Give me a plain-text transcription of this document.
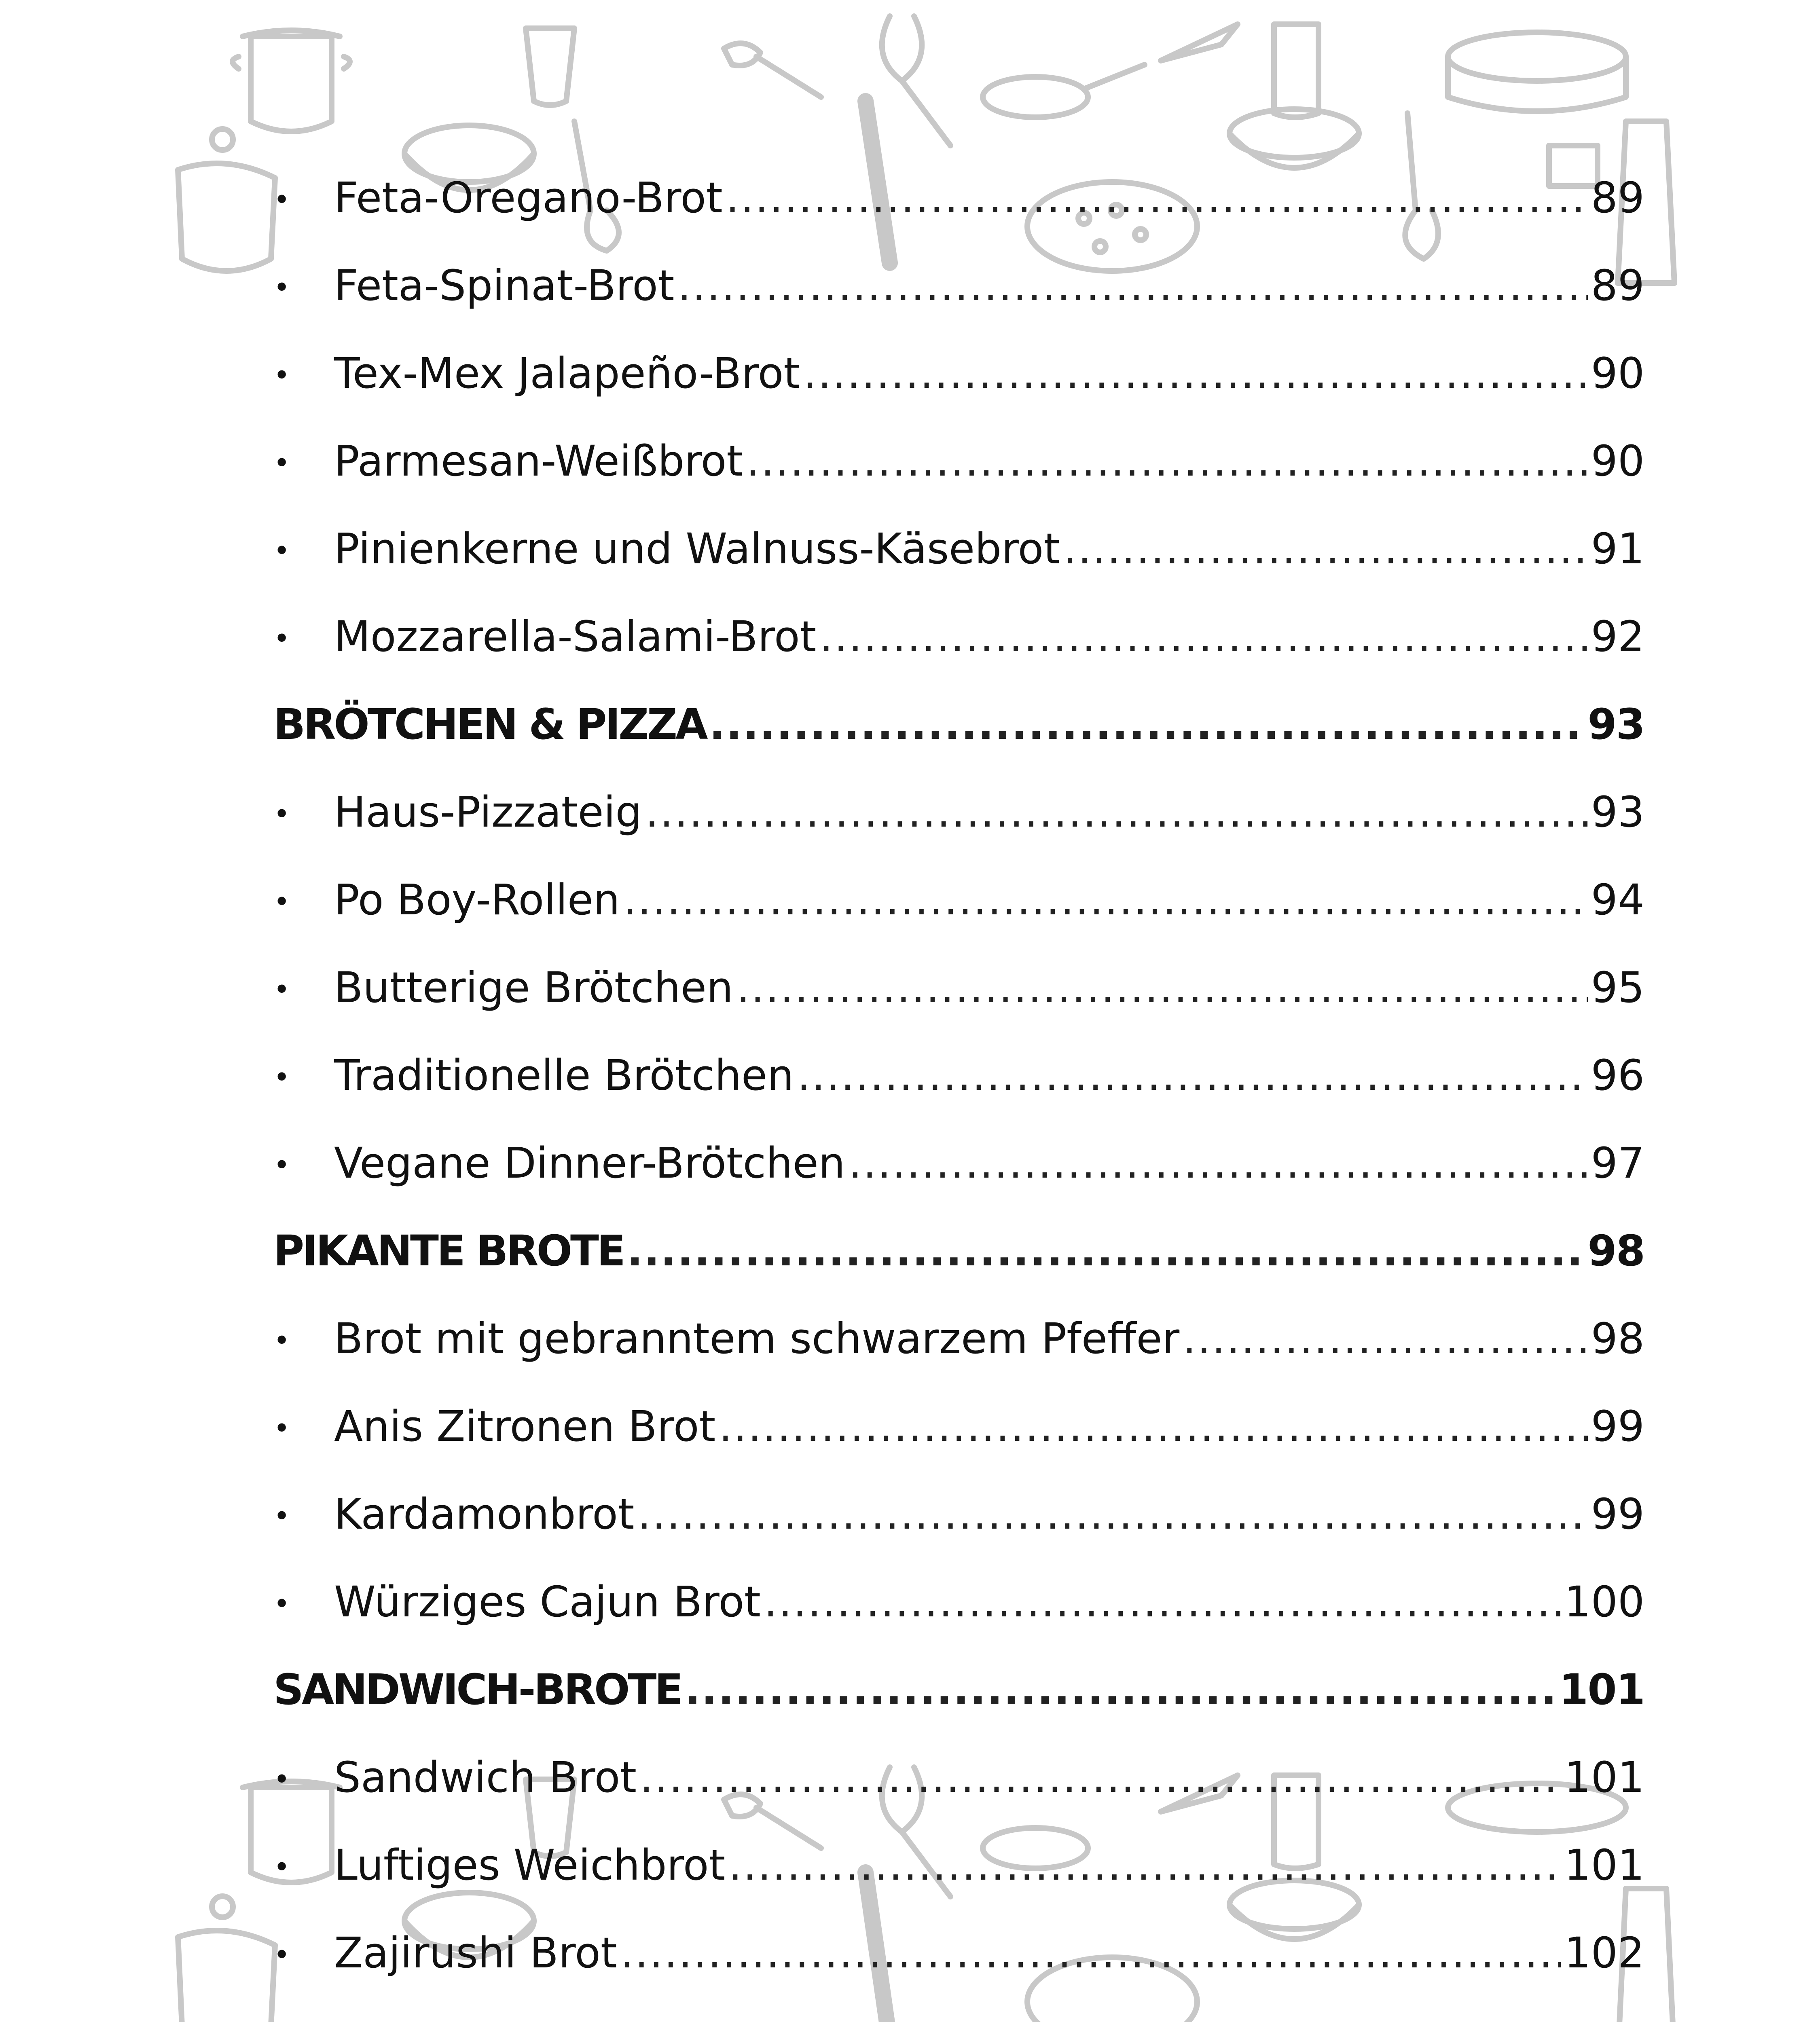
•	Feta-Oregano-Brot .....	89
•	Feta-Spinat-Brot .....	89
•	Tex-Mex Jalapeño-Brot .....	90
•	Parmesan-Weißbrot .....	90
•	Pinienkerne und Walnuss-Käsebrot .....	91
•	Mozzarella-Salami-Brot .....	92
BRÖTCHEN & PIZZA .....	93
•	Haus-Pizzateig .....	93
•	Po Boy-Rollen .....	94
•	Butterige Brötchen .....	95
•	Traditionelle Brötchen .....	96
•	Vegane Dinner-Brötchen .....	97
PIKANTE BROTE .....	98
•	Brot mit gebranntem schwarzem Pfeffer .....	98
•	Anis Zitronen Brot .....	99
•	Kardamonbrot .....	99
•	Würziges Cajun Brot .....	100
SANDWICH-BROTE .....	101
•	Sandwich Brot .....	101
•	Luftiges Weichbrot .....	101
•	Zajirushi Brot .....	102
